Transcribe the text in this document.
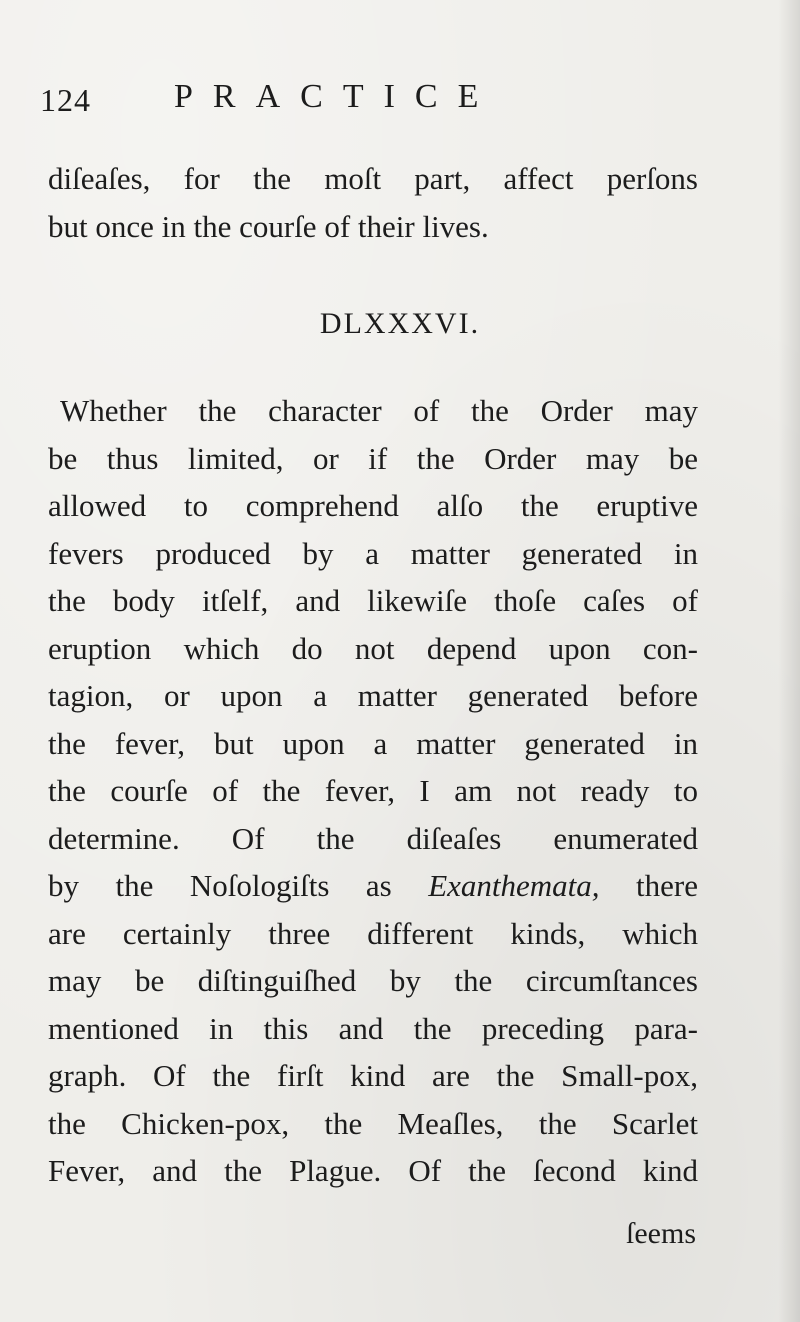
124 PRACTICE

diſeaſes, for the moſt part, affect perſons
but once in the courſe of their lives.

DLXXXVI.

Whether the character of the Order may
be thus limited, or if the Order may be
allowed to comprehend alſo the eruptive
fevers produced by a matter generated in
the body itſelf, and likewiſe thoſe caſes of
eruption which do not depend upon con-
tagion, or upon a matter generated before
the fever, but upon a matter generated in
the courſe of the fever, I am not ready to
determine. Of the diſeaſes enumerated
by the Noſologiſts as Exanthemata, there
are certainly three different kinds, which
may be diſtinguiſhed by the circumſtances
mentioned in this and the preceding para-
graph. Of the firſt kind are the Small-pox,
the Chicken-pox, the Meaſles, the Scarlet
Fever, and the Plague. Of the ſecond kind

ſeems
